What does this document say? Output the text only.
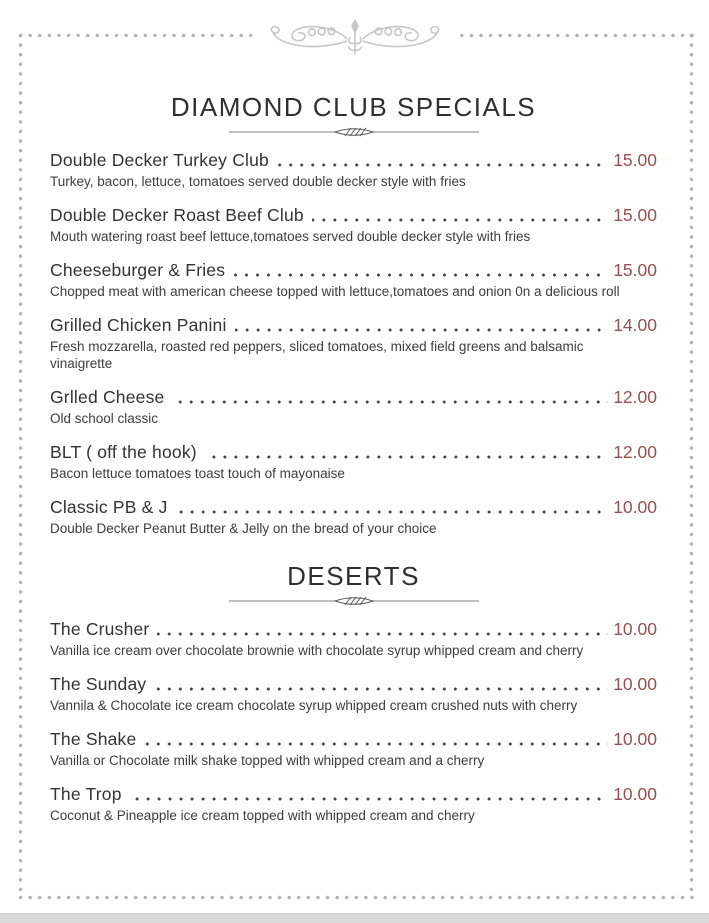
DIAMOND CLUB SPECIALS
Double Decker Turkey Club	15.00
Turkey, bacon, lettuce, tomatoes served double decker style with fries
Double Decker Roast Beef Club	15.00
Mouth watering roast beef lettuce,tomatoes served double decker style with fries
Cheeseburger & Fries	15.00
Chopped meat with american cheese topped with lettuce,tomatoes and onion 0n a delicious roll
Grilled Chicken Panini	14.00
Fresh mozzarella, roasted red peppers, sliced tomatoes, mixed field greens and balsamic vinaigrette
Grlled Cheese	12.00
Old school classic
BLT ( off the hook)	12.00
Bacon lettuce tomatoes toast touch of mayonaise
Classic PB & J	10.00
Double Decker Peanut Butter & Jelly on the bread of your choice
DESERTS
The Crusher	10.00
Vanilla ice cream over chocolate brownie with chocolate syrup whipped cream and cherry
The Sunday	10.00
Vannila & Chocolate ice cream chocolate syrup whipped cream crushed nuts with cherry
The Shake	10.00
Vanilla or Chocolate milk shake topped with whipped cream and a cherry
The Trop	10.00
Coconut & Pineapple ice cream topped with whipped cream and cherry
